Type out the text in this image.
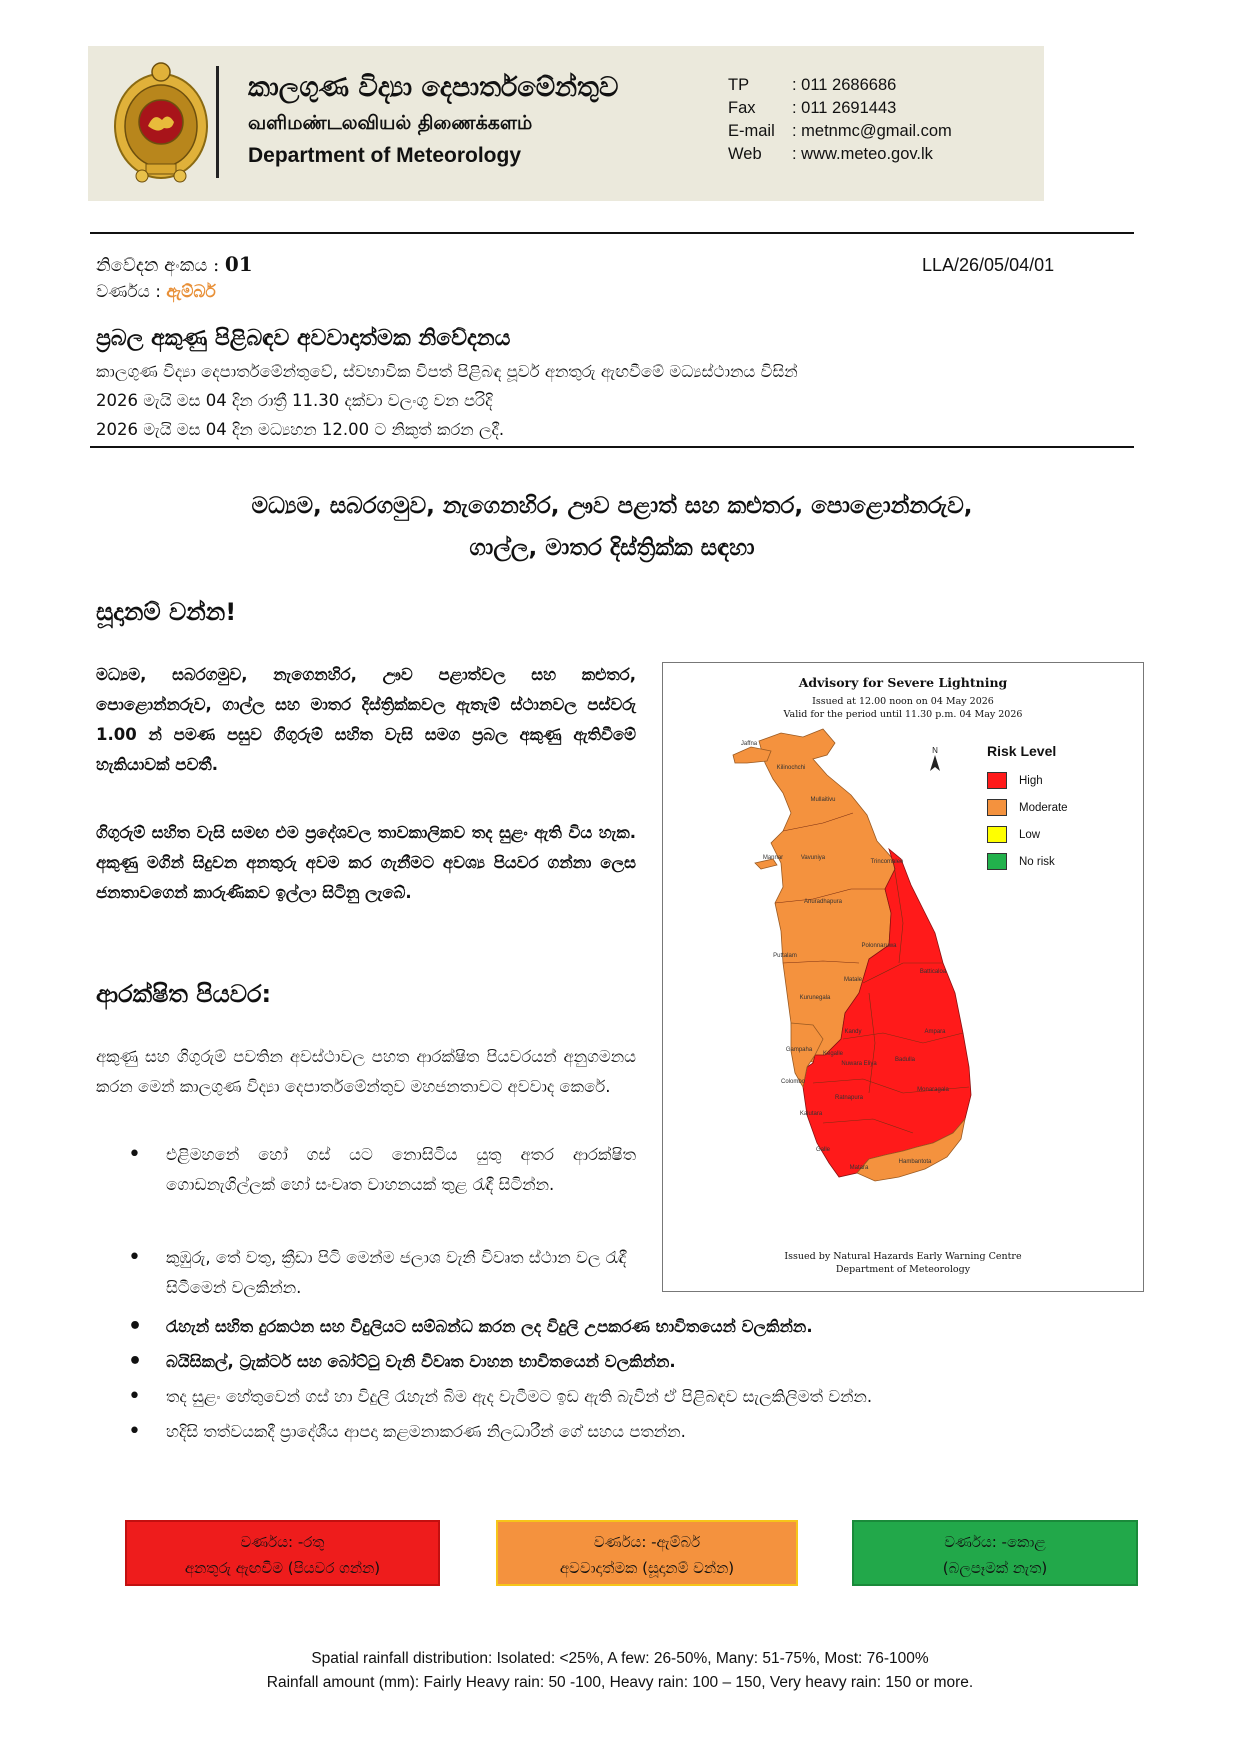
කාලගුණ විද්‍යා දෙපාර්තමේන්තුව
வளிமண்டலவியல் திணைக்களம்
Department of Meteorology
TP	: 011 2686686
Fax	: 011 2691443
E-mail	: metnmc@gmail.com
Web	: www.meteo.gov.lk
නිවේදන අංකය : 01
වර්ණය : ඇම්බර්
LLA/26/05/04/01
ප්‍රබල අකුණු පිළිබඳව අවවාදාත්මක නිවේදනය
කාලගුණ විද්‍යා දෙපාර්තමේන්තුවේ, ස්වභාවික විපත් පිළිබඳ පූර්ව අනතුරු ඇඟවීමේ මධ්‍යස්ථානය විසින්
2026 මැයි මස 04 දින රාත්‍රී 11.30 දක්වා වලංගු වන පරිදි
2026 මැයි මස 04 දින මධ්‍යහන 12.00 ට නිකුත් කරන ලදී.
මධ්‍යම, සබරගමුව, නැගෙනහිර, ඌව පළාත් සහ කළුතර, පොළොන්නරුව,
ගාල්ල, මාතර දිස්ත්‍රික්ක සඳහා
සූදානම් වන්න!
මධ්‍යම, සබරගමුව, නැගෙනහිර, ඌව පළාත්වල සහ කළුතර, පොළොන්නරුව, ගාල්ල සහ මාතර දිස්ත්‍රික්කවල ඇතැම් ස්ථානවල පස්වරු 1.00 න් පමණ පසුව ගිගුරුම් සහිත වැසි සමග ප්‍රබල අකුණු ඇතිවීමේ හැකියාවක් පවතී.
ගිගුරුම් සහිත වැසි සමඟ එම ප්‍රදේශවල තාවකාලිකව තද සුළං ඇති විය හැක. අකුණු මගින් සිදුවන අනතුරු අවම කර ගැනීමට අවශ්‍ය පියවර ගන්නා ලෙස ජනතාවගෙන් කාරුණිකව ඉල්ලා සිටිනු ලැබේ.
ආරක්ෂිත පියවර:
අකුණු සහ ගිගුරුම් පවතින අවස්ථාවල පහත ආරක්ෂිත පියවරයන් අනුගමනය කරන මෙන් කාලගුණ විද්‍යා දෙපාර්තමේන්තුව මහජනතාවට අවවාද කෙරේ.
•	එළිමහනේ හෝ ගස් යට නොසිටිය යුතු අතර ආරක්ෂිත ගොඩනැගිල්ලක් හෝ සංවෘත වාහනයක් තුළ රැඳී සිටින්න.
•	කුඹුරු, තේ වතු, ක්‍රීඩා පිටි මෙන්ම ජලාශ වැනි විවෘත ස්ථාන වල රැඳී සිටීමෙන් වලකින්න.
•	රැහැන් සහිත දුරකථන සහ විදුලියට සම්බන්ධ කරන ලද විදුලි උපකරණ භාවිතයෙන් වලකින්න.
•	බයිසිකල්, ට්‍රැක්ටර් සහ බෝට්ටු වැනි විවෘත වාහන භාවිතයෙන් වලකින්න.
•	තද සුළං හේතුවෙන් ගස් හා විදුලි රැහැන් බිම ඇද වැටීමට ඉඩ ඇති බැවින් ඒ පිළිබඳව සැලකිලිමත් වන්න.
•	හදිසි තත්වයකදී ප්‍රාදේශීය ආපදා කළමනාකරණ නිලධාරීන් ගේ සහය පතන්න.
Jaffna
Kilinochchi
Mullaitivu
Mannar	Vavuniya
Trincomalee
Anuradhapura
Polonnaruwa
Batticaloa
Puttalam
Kurunegala
Matale
Ampara
Kandy
Gampaha
Kegalle
Badulla
Colombo
Nuwara Eliya
Monaragala
Ratnapura
Kalutara
Galle
Matara
Hambantota
N
Advisory for Severe Lightning
Issued at 12.00 noon on 04 May 2026
Valid for the period until 11.30 p.m. 04 May 2026
Risk Level
High
Moderate
Low
No risk
Issued by Natural Hazards Early Warning Centre
Department of Meteorology
වර්ණය: -රතු
අනතුරු ඇඟවීම (පියවර ගන්න)
වර්ණය: -ඇම්බර්
අවවාදාත්මක (සූදානම් වන්න)
වර්ණය: -කොළ
(බලපෑමක් නැත)
Spatial rainfall distribution: Isolated: <25%, A few: 26-50%, Many: 51-75%, Most: 76-100%
Rainfall amount (mm): Fairly Heavy rain: 50 -100, Heavy rain: 100 – 150, Very heavy rain: 150 or more.
